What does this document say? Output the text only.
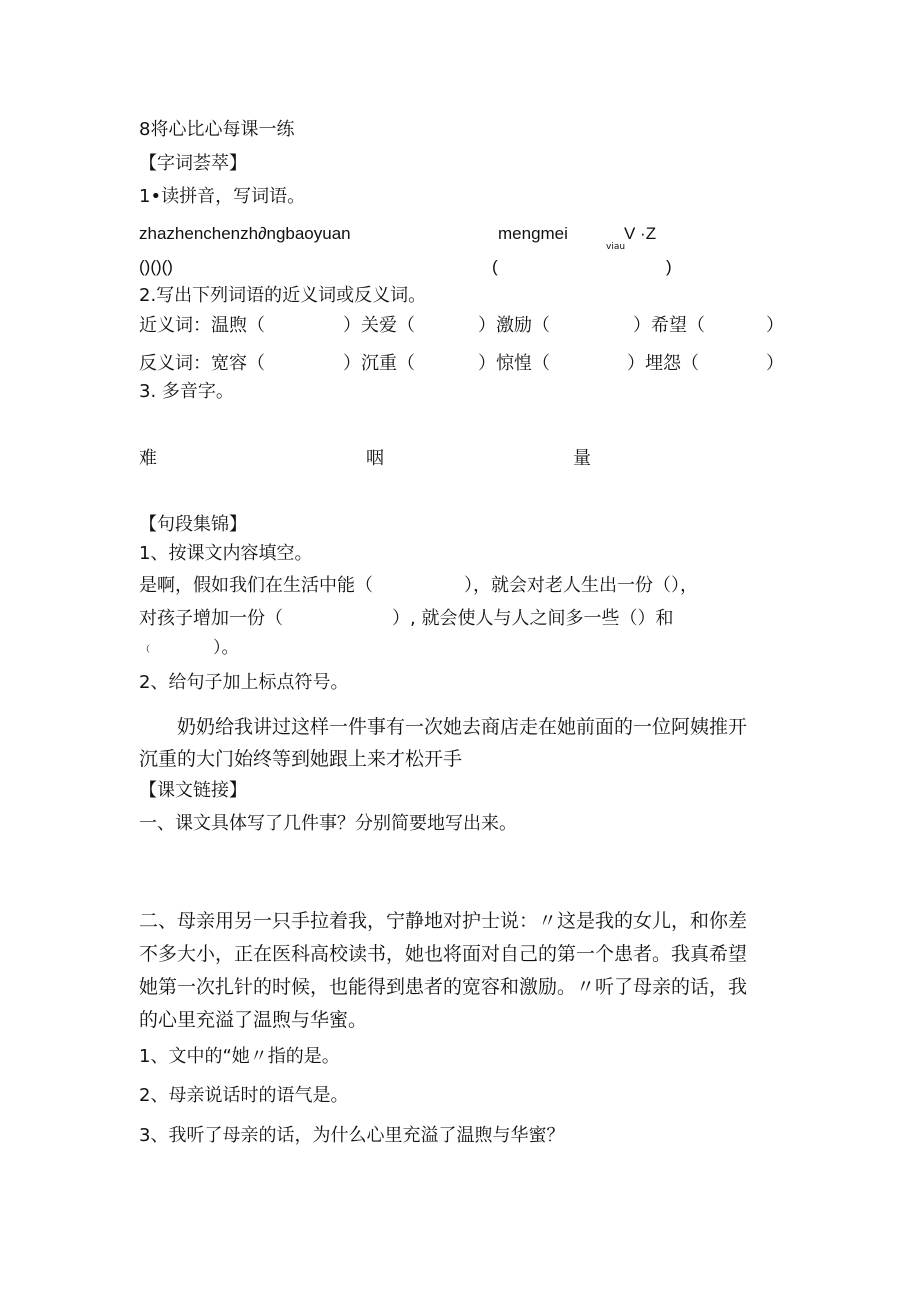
8将心比心每课一练
【字词荟萃】
1•读拼音，写词语。
zhazhenchenzh∂ngbaoyuan	mengmei	V ·Z
viau
()()()	(	)
2.写出下列词语的近义词或反义词。
近义词：温煦（	）关爱（	）激励（	）希望（	）
反义词：宽容（	）沉重（	）惊惶（	）埋怨（	）
3. 多音字。
难	咽	量
【句段集锦】
1、按课文内容填空。
是啊，假如我们在生活中能（	），就会对老人生出一份（），
对孩子增加一份（	）, 就会使人与人之间多一些（）和
（	）。
2、给句子加上标点符号。
奶奶给我讲过这样一件事有一次她去商店走在她前面的一位阿姨推开
沉重的大门始终等到她跟上来才松开手
【课文链接】
一、课文具体写了几件事？分别简要地写出来。
二、母亲用另一只手拉着我，宁静地对护士说：〃这是我的女儿，和你差
不多大小，正在医科高校读书，她也将面对自己的第一个患者。我真希望
她第一次扎针的时候，也能得到患者的宽容和激励。〃听了母亲的话，我
的心里充溢了温煦与华蜜。
1、文中的“她〃指的是。
2、母亲说话时的语气是。
3、我听了母亲的话，为什么心里充溢了温煦与华蜜？
